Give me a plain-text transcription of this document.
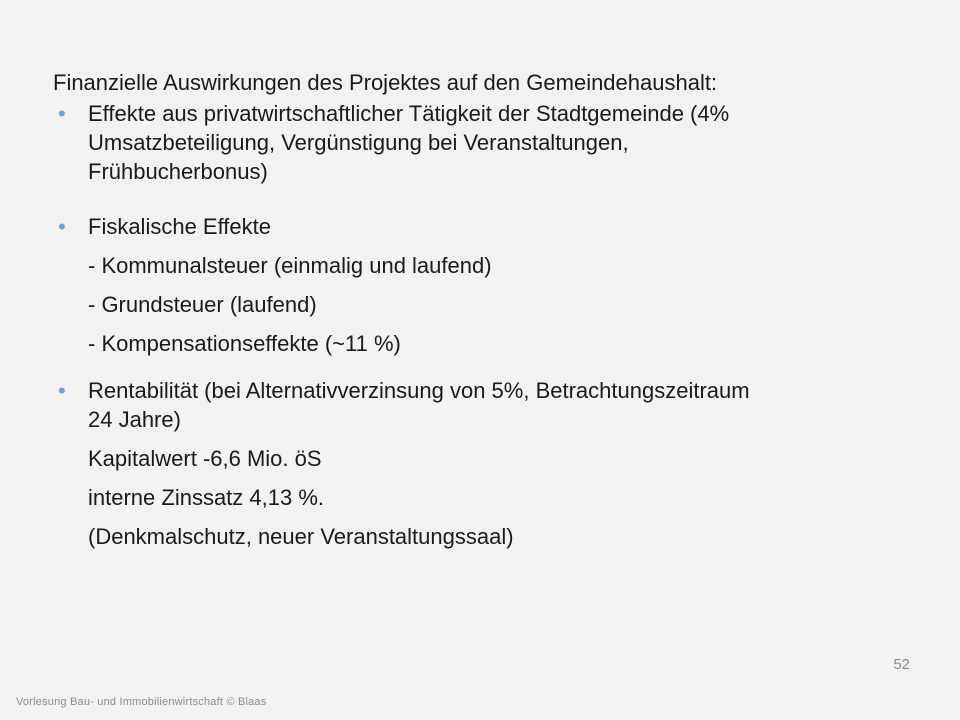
Finanzielle Auswirkungen des Projektes auf den Gemeindehaushalt:
• Effekte aus privatwirtschaftlicher Tätigkeit der Stadtgemeinde (4%
Umsatzbeteiligung, Vergünstigung bei Veranstaltungen,
Frühbucherbonus)
• Fiskalische Effekte
- Kommunalsteuer (einmalig und laufend)
- Grundsteuer (laufend)
- Kompensationseffekte (~11 %)
• Rentabilität (bei Alternativverzinsung von 5%, Betrachtungszeitraum
24 Jahre)
Kapitalwert -6,6 Mio. öS
interne Zinssatz 4,13 %.
(Denkmalschutz, neuer Veranstaltungssaal)
52
Vorlesung Bau- und Immobilienwirtschaft © Blaas
